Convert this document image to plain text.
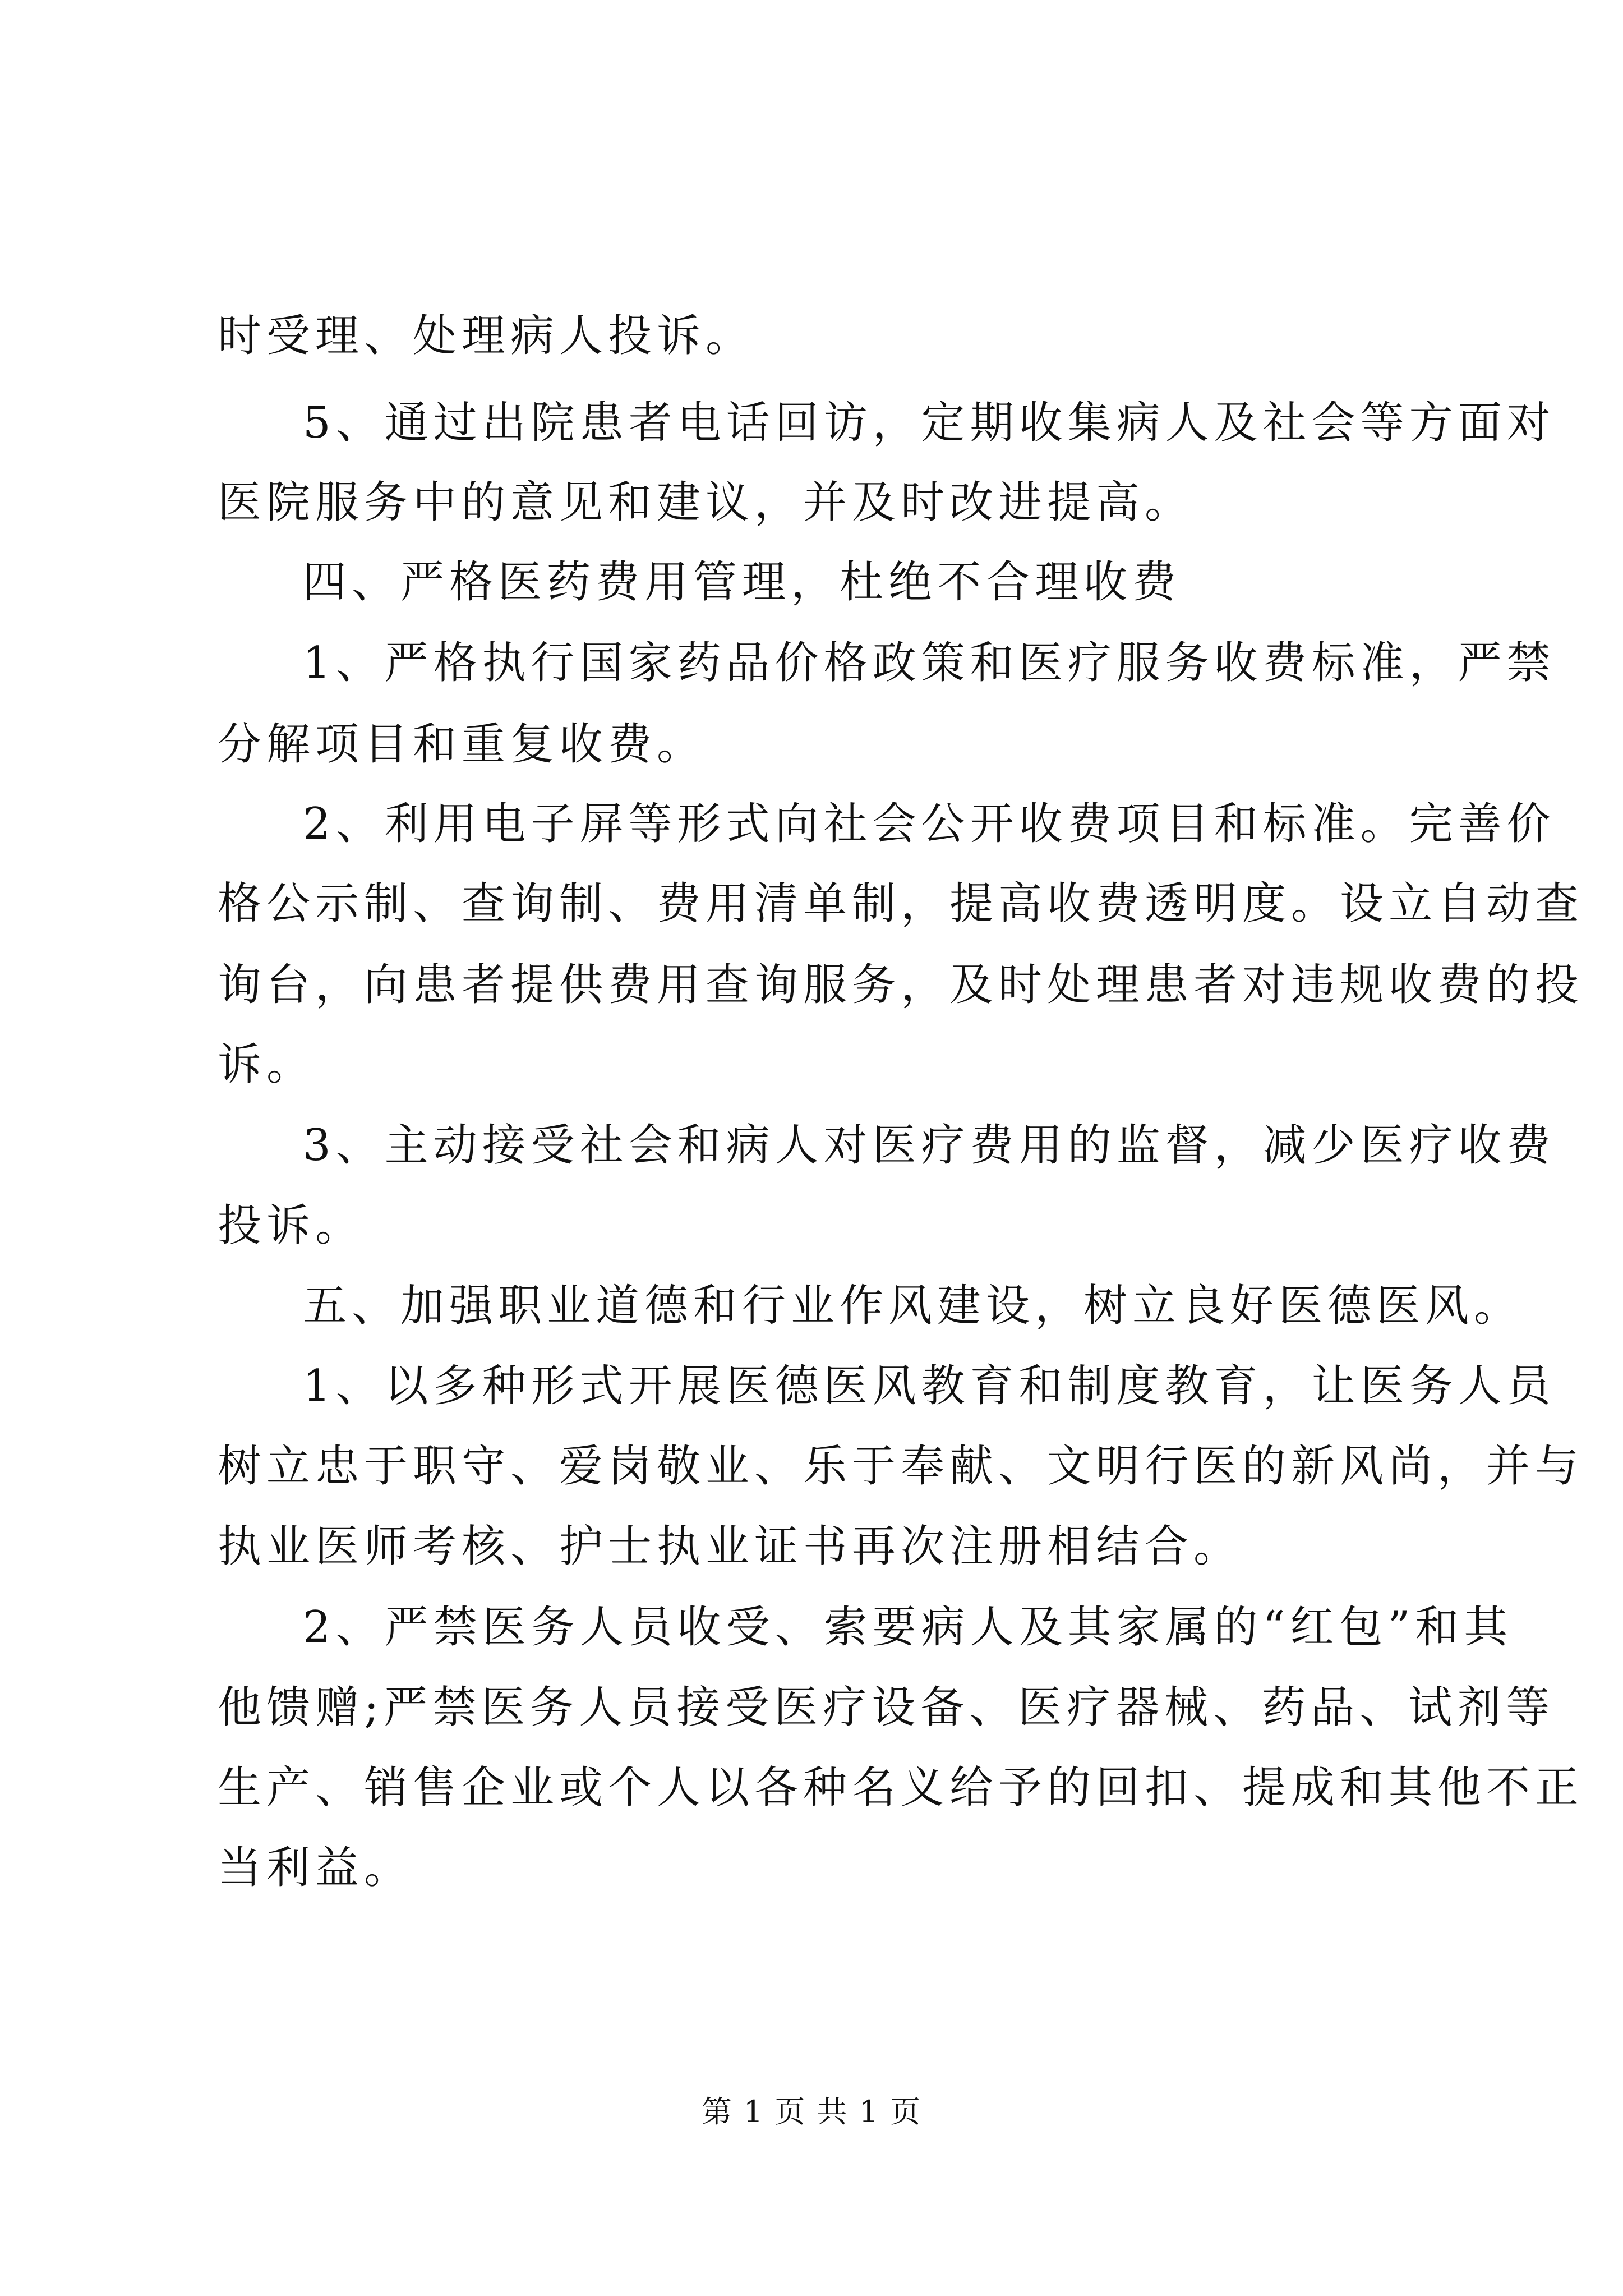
时受理、处理病人投诉。
5、通过出院患者电话回访，定期收集病人及社会等方面对
医院服务中的意见和建议，并及时改进提高。
四、严格医药费用管理，杜绝不合理收费
1、严格执行国家药品价格政策和医疗服务收费标准，严禁
分解项目和重复收费。
2、利用电子屏等形式向社会公开收费项目和标准。完善价
格公示制、查询制、费用清单制，提高收费透明度。设立自动查
询台，向患者提供费用查询服务，及时处理患者对违规收费的投
诉。
3、主动接受社会和病人对医疗费用的监督，减少医疗收费
投诉。
五、加强职业道德和行业作风建设，树立良好医德医风。
1、以多种形式开展医德医风教育和制度教育，让医务人员
树立忠于职守、爱岗敬业、乐于奉献、文明行医的新风尚，并与
执业医师考核、护士执业证书再次注册相结合。
2、严禁医务人员收受、索要病人及其家属的“红包”和其
他馈赠;严禁医务人员接受医疗设备、医疗器械、药品、试剂等
生产、销售企业或个人以各种名义给予的回扣、提成和其他不正
当利益。
第 1 页 共 1 页
